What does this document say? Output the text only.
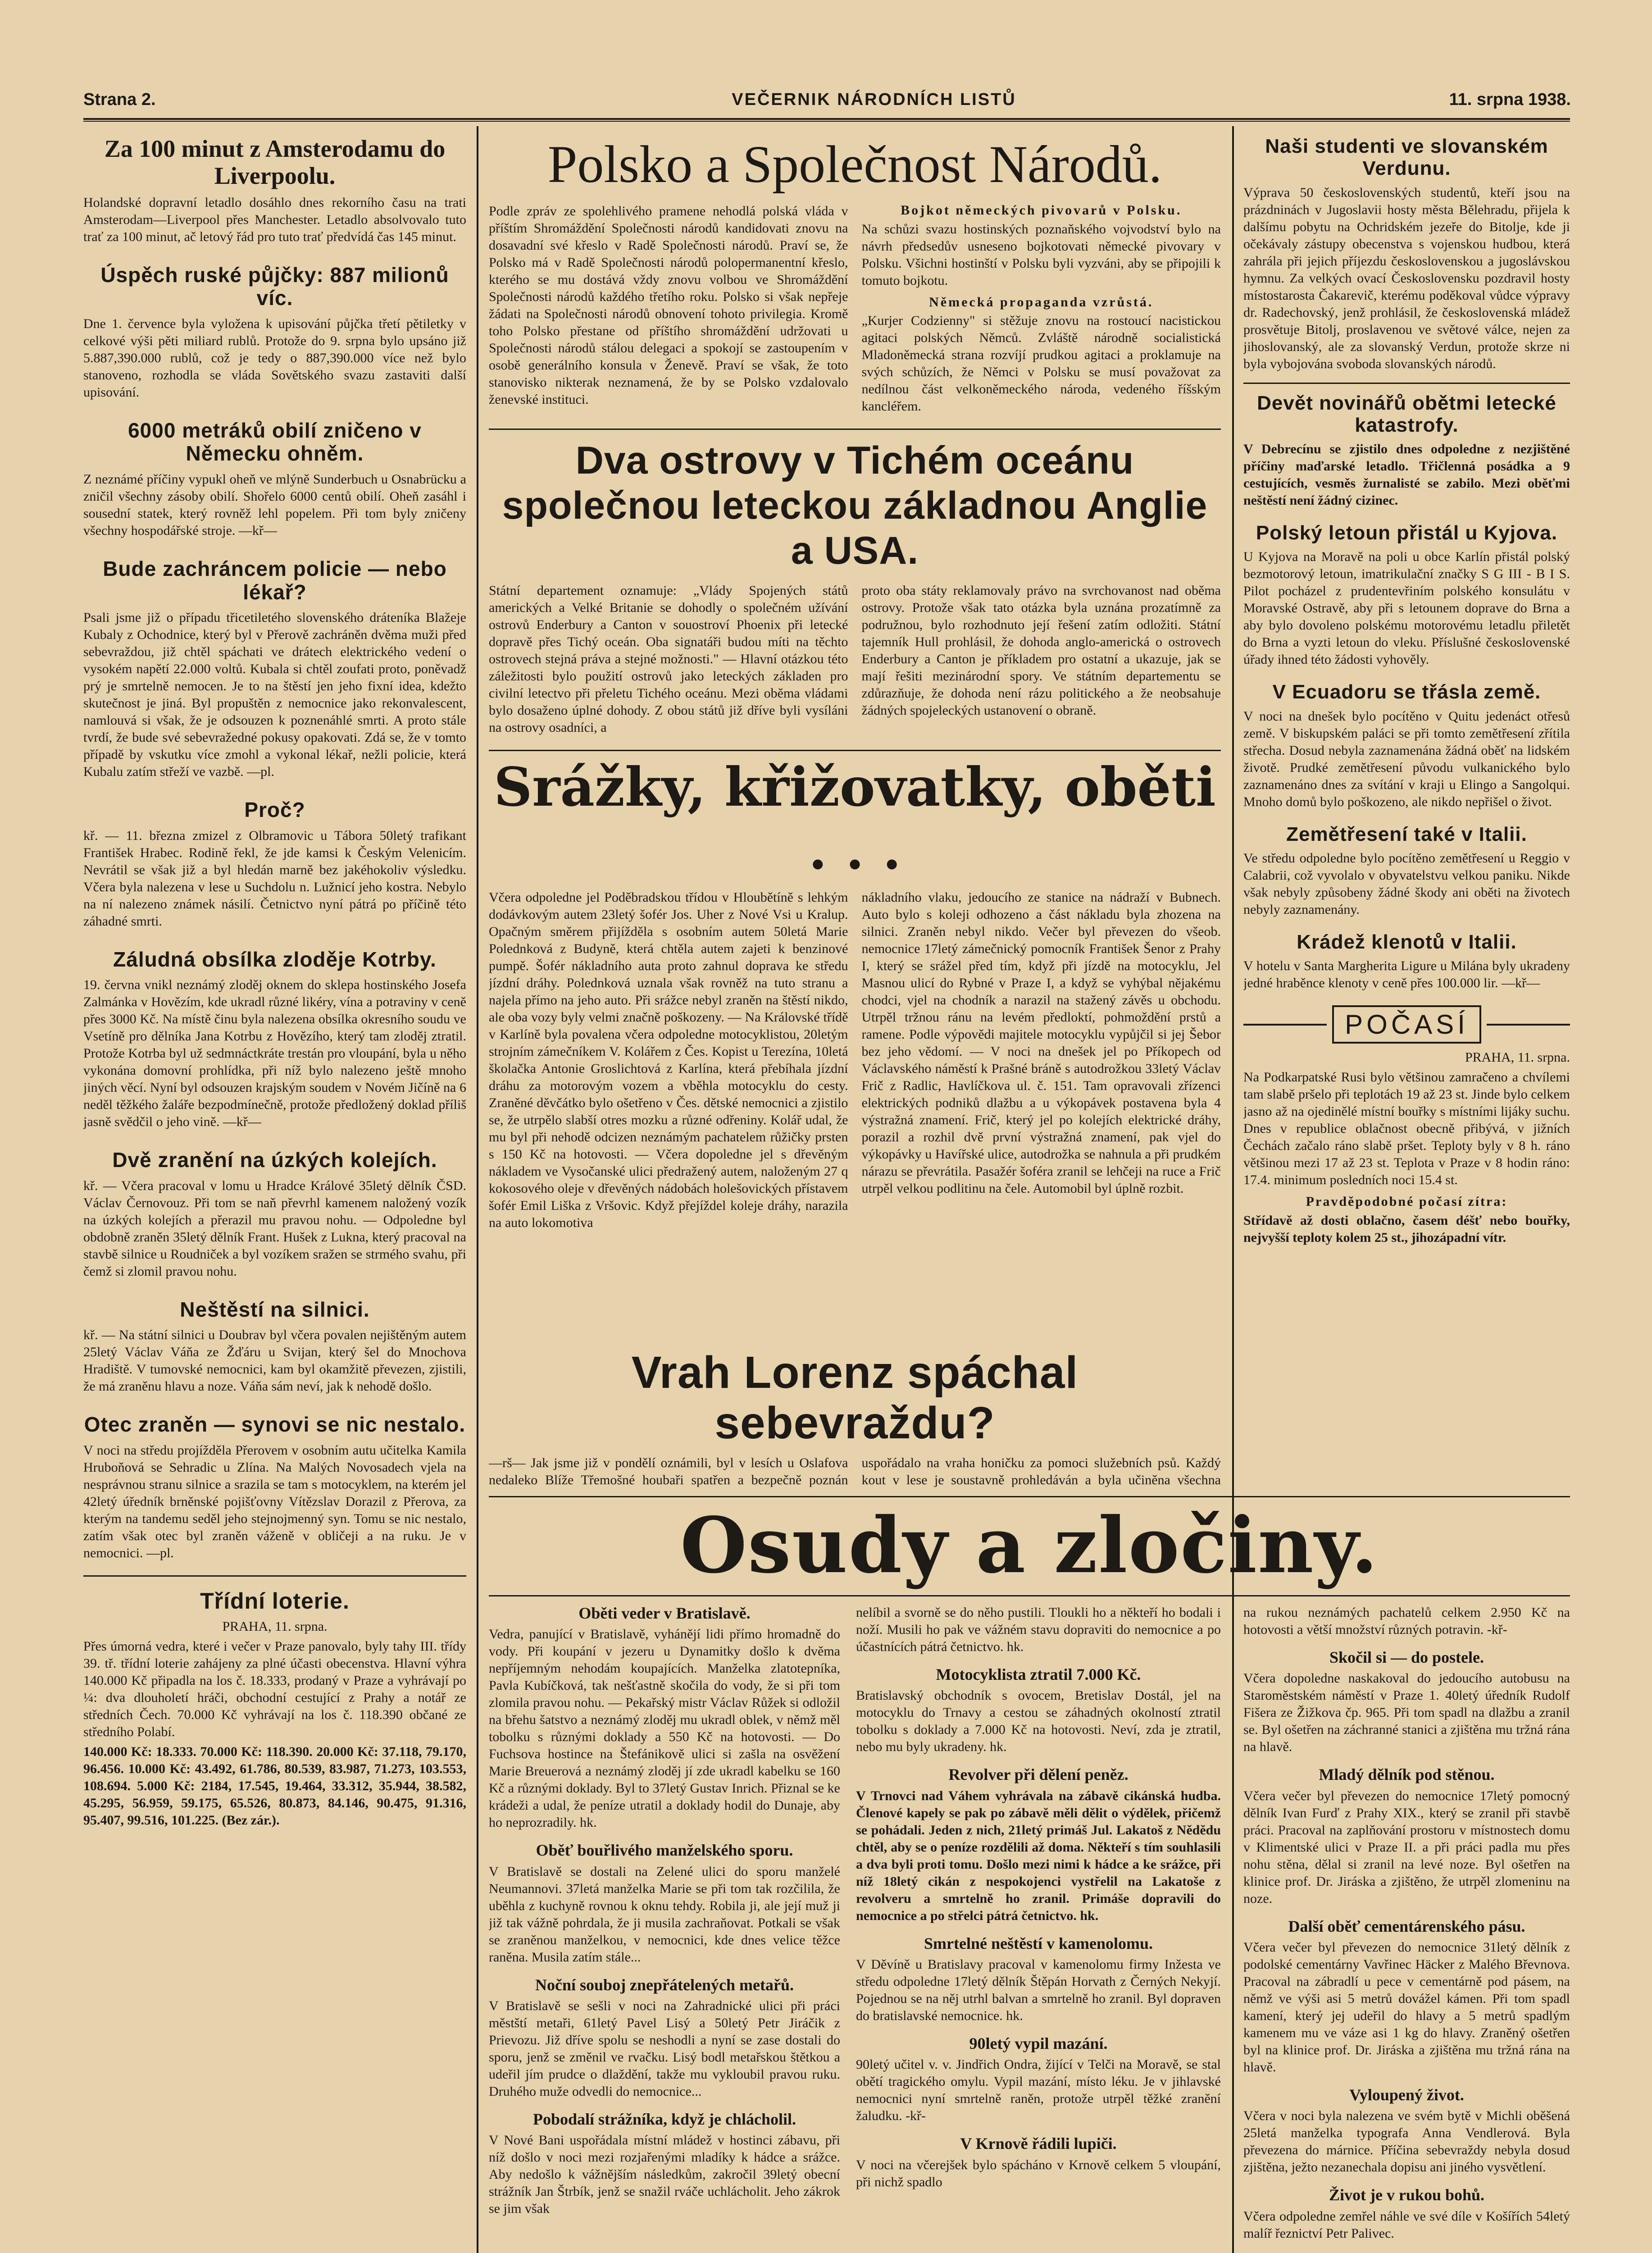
Strana 2.	VEČERNIK NÁRODNÍCH LISTŮ	11. srpna 1938.
Za 100 minut z Amsterodamu do Liverpoolu.

Holandské dopravní letadlo dosáhlo dnes rekorního času na trati Amsterodam—Liverpool přes Manchester. Letadlo absolvovalo tuto trať za 100 minut, ač letový řád pro tuto trať předvídá čas 145 minut.

Úspěch ruské půjčky: 887 milionů víc.

Dne 1. července byla vyložena k upisování půjčka třetí pětiletky v celkové výši pěti miliard rublů. Protože do 9. srpna bylo upsáno již 5.887,390.000 rublů, což je tedy o 887,390.000 více než bylo stanoveno, rozhodla se vláda Sovětského svazu zastaviti další upisování.

6000 metráků obilí zničeno v Německu ohněm.

Z neznámé příčiny vypukl oheň ve mlýně Sunderbuch u Osnabrücku a zničil všechny zásoby obilí. Shořelo 6000 centů obilí. Oheň zasáhl i sousední statek, který rovněž lehl popelem. Při tom byly zničeny všechny hospodářské stroje. —kř—

Bude zachráncem policie — nebo lékař?

Psali jsme již o případu třicetiletého slovenského dráteníka Blažeje Kubaly z Ochodnice, který byl v Přerově zachráněn dvěma muži před sebevraždou, již chtěl spáchati ve drátech elektrického vedení o vysokém napětí 22.000 voltů. Kubala si chtěl zoufati proto, poněvadž prý je smrtelně nemocen. Je to na štěstí jen jeho fixní idea, kdežto skutečnost je jiná. Byl propuštěn z nemocnice jako rekonvalescent, namlouvá si však, že je odsouzen k poznenáhlé smrti. A proto stále tvrdí, že bude své sebevražedné pokusy opakovati. Zdá se, že v tomto případě by vskutku více zmohl a vykonal lékař, nežli policie, která Kubalu zatím střeží ve vazbě. —pl.

Proč?

kř. — 11. března zmizel z Olbramovic u Tábora 50letý trafikant František Hrabec. Rodině řekl, že jde kamsi k Českým Velenicím. Nevrátil se však již a byl hledán marně bez jakéhokoliv výsledku. Včera byla nalezena v lese u Suchdolu n. Lužnicí jeho kostra. Nebylo na ní nalezeno známek násilí. Četnictvo nyní pátrá po příčině této záhadné smrti.

Záludná obsílka zloděje Kotrby.

19. června vnikl neznámý zloděj oknem do sklepa hostinského Josefa Zalmánka v Hovězím, kde ukradl různé likéry, vína a potraviny v ceně přes 3000 Kč. Na místě činu byla nalezena obsílka okresního soudu ve Vsetíně pro dělníka Jana Kotrbu z Hovězího, který tam zloděj ztratil. Protože Kotrba byl už sedmnáctkráte trestán pro vloupání, byla u něho vykonána domovní prohlídka, při níž bylo nalezeno ještě mnoho jiných věcí. Nyní byl odsouzen krajským soudem v Novém Jičíně na 6 neděl těžkého žaláře bezpodmínečně, protože předložený doklad příliš jasně svědčil o jeho vině. —kř—

Dvě zranění na úzkých kolejích.

kř. — Včera pracoval v lomu u Hradce Králové 35letý dělník ČSD. Václav Černovouz. Při tom se naň převrhl kamenem naložený vozík na úzkých kolejích a přerazil mu pravou nohu. — Odpoledne byl obdobně zraněn 35letý dělník Frant. Hušek z Lukna, který pracoval na stavbě silnice u Roudniček a byl vozíkem sražen se strmého svahu, při čemž si zlomil pravou nohu.

Neštěstí na silnici.

kř. — Na státní silnici u Doubrav byl včera povalen nejištěným autem 25letý Václav Váňa ze Žďáru u Svijan, který šel do Mnochova Hradiště. V tumovské nemocnici, kam byl okamžitě převezen, zjistili, že má zraněnu hlavu a noze. Váňa sám neví, jak k nehodě došlo.

Otec zraněn — synovi se nic nestalo.

V noci na středu projížděla Přerovem v osobním autu učitelka Kamila Hruboňová se Sehradic u Zlína. Na Malých Novosadech vjela na nesprávnou stranu silnice a srazila se tam s motocyklem, na kterém jel 42letý úředník brněnské pojišťovny Vítězslav Dorazil z Přerova, za kterým na tandemu seděl jeho stejnojmenný syn. Tomu se nic nestalo, zatím však otec byl zraněn váženě v obličeji a na ruku. Je v nemocnici. —pl.

Třídní loterie.

PRAHA, 11. srpna.

Přes úmorná vedra, které i večer v Praze panovalo, byly tahy III. třídy 39. tř. třídní loterie zahájeny za plné účasti obecenstva. Hlavní výhra 140.000 Kč připadla na los č. 18.333, prodaný v Praze a vyhrávají po ¼: dva dlouholetí hráči, obchodní cestující z Prahy a notář ze středních Čech. 70.000 Kč vyhrávají na los č. 118.390 občané ze středního Polabí.

140.000 Kč: 18.333. 70.000 Kč: 118.390. 20.000 Kč: 37.118, 79.170, 96.456. 10.000 Kč: 43.492, 61.786, 80.539, 83.987, 71.273, 103.553, 108.694. 5.000 Kč: 2184, 17.545, 19.464, 33.312, 35.944, 38.582, 45.295, 56.959, 59.175, 65.526, 80.873, 84.146, 90.475, 91.316, 95.407, 99.516, 101.225. (Bez zár.).

Polsko a Společnost Národů.

Podle zpráv ze spolehlivého pramene nehodlá polská vláda v příštím Shromáždění Společnosti národů kandidovati znovu na dosavadní své křeslo v Radě Společnosti národů. Praví se, že Polsko má v Radě Společnosti národů polopermanentní křeslo, kterého se mu dostává vždy znovu volbou ve Shromáždění Společnosti národů každého třetího roku. Polsko si však nepřeje žádati na Společnosti národů obnovení tohoto privilegia. Kromě toho Polsko přestane od příštího shromáždění udržovati u Společnosti národů stálou delegaci a spokojí se zastoupením v osobě generálního konsula v Ženevě. Praví se však, že toto stanovisko nikterak neznamená, že by se Polsko vzdalovalo ženevské instituci.

Bojkot německých pivovarů v Polsku.

Na schůzi svazu hostinských poznaňského vojvodství bylo na návrh předsedův usneseno bojkotovati německé pivovary v Polsku. Všichni hostinští v Polsku byli vyzváni, aby se připojili k tomuto bojkotu.

Německá propaganda vzrůstá.

„Kurjer Codzienny" si stěžuje znovu na rostoucí nacistickou agitaci polských Němců. Zvláště národně socialistická Mladoněmecká strana rozvíjí prudkou agitaci a proklamuje na svých schůzích, že Němci v Polsku se musí považovat za nedílnou část velkoněmeckého národa, vedeného říšským kancléřem.

Dva ostrovy v Tichém oceánu společnou leteckou základnou Anglie a USA.

Státní departement oznamuje: „Vlády Spojených států amerických a Velké Britanie se dohodly o společném užívání ostrovů Enderbury a Canton v souostroví Phoenix při letecké dopravě přes Tichý oceán. Oba signatáři budou míti na těchto ostrovech stejná práva a stejné možnosti." — Hlavní otázkou této záležitosti bylo použití ostrovů jako leteckých základen pro civilní letectvo při přeletu Tichého oceánu. Mezi oběma vládami bylo dosaženo úplné dohody. Z obou států již dříve byli vysíláni na ostrovy osadníci, a

proto oba státy reklamovaly právo na svrchovanost nad oběma ostrovy. Protože však tato otázka byla uznána prozatímně za podružnou, bylo rozhodnuto její řešení zatím odložiti. Státní tajemník Hull prohlásil, že dohoda anglo-americká o ostrovech Enderbury a Canton je příkladem pro ostatní a ukazuje, jak se mají řešiti mezinárodní spory. Ve státním departementu se zdůrazňuje, že dohoda není rázu politického a že neobsahuje žádných spojeleckých ustanovení o obraně.

Srážky, křižovatky, oběti . . .

Včera odpoledne jel Poděbradskou třídou v Hloubětíně s lehkým dodávkovým autem 23letý šofér Jos. Uher z Nové Vsi u Kralup. Opačným směrem přijížděla s osobním autem 50letá Marie Polednková z Budyně, která chtěla autem zajeti k benzinové pumpě. Šofér nákladního auta proto zahnul doprava ke středu jízdní dráhy. Polednková uznala však rovněž na tuto stranu a najela přímo na jeho auto. Při srážce nebyl zraněn na štěstí nikdo, ale oba vozy byly velmi značně poškozeny. — Na Královské třídě v Karlíně byla povalena včera odpoledne motocyklistou, 20letým strojním zámečníkem V. Kolářem z Čes. Kopist u Terezína, 10letá školačka Antonie Groslichtová z Karlína, která přebíhala jízdní dráhu za motorovým vozem a vběhla motocyklu do cesty. Zraněné děvčátko bylo ošetřeno v Čes. dětské nemocnici a zjistilo se, že utrpělo slabší otres mozku a různé odřeniny. Kolář udal, že mu byl při nehodě odcizen neznámým pachatelem růžičky prsten s 150 Kč na hotovosti. — Včera dopoledne jel s dřevěným nákladem ve Vysočanské ulici předražený autem, naloženým 27 q kokosového oleje v dřevěných nádobách holešovických přístavem šofér Emil Liška z Vršovic. Když přejíždel koleje dráhy, narazila na auto lokomotiva

nákladního vlaku, jedoucího ze stanice na nádraží v Bubnech. Auto bylo s koleji odhozeno a část nákladu byla zhozena na silnici. Zraněn nebyl nikdo. Večer byl převezen do všeob. nemocnice 17letý zámečnický pomocník František Šenor z Prahy I, který se srážel před tím, když při jízdě na motocyklu, Jel Masnou ulicí do Rybné v Praze I, a když se vyhýbal nějakému chodci, vjel na chodník a narazil na stažený závěs u obchodu. Utrpěl tržnou ránu na levém předloktí, pohmoždění prstů a ramene. Podle výpovědi majitele motocyklu vypůjčil si jej Šebor bez jeho vědomí. — V noci na dnešek jel po Příkopech od Václavského náměstí k Prašné bráně s autodrožkou 33letý Václav Frič z Radlic, Havlíčkova ul. č. 151. Tam opravovali zřízenci elektrických podniků dlažbu a u výkopávek postavena byla 4 výstražná znamení. Frič, který jel po kolejích elektrické dráhy, porazil a rozhil dvě první výstražná znamení, pak vjel do výkopávky u Havířské ulice, autodrožka se nahnula a při prudkém nárazu se převrátila. Pasažér šoféra zranil se lehčeji na ruce a Frič utrpěl velkou podlitinu na čele. Automobil byl úplně rozbit.

Vrah Lorenz spáchal sebevraždu?

—rš— Jak jsme již v pondělí oznámili, byl v lesích u Oslafova nedaleko Blíže Třemošné houbaři spatřen a bezpečně poznán

uspořádalo na vraha honičku za pomoci služebních psů. Každý kout v lese je soustavně prohledáván a byla učiněna všechna

Osudy a zločiny.
Oběti veder v Bratislavě.

Vedra, panující v Bratislavě, vyhánějí lidi přímo hromadně do vody. Při koupání v jezeru u Dynamitky došlo k dvěma nepříjemným nehodám koupajících. Manželka zlatotepníka, Pavla Kubíčková, tak nešťastně skočila do vody, že si při tom zlomila pravou nohu. — Pekařský mistr Václav Růžek si odložil na břehu šatstvo a neznámý zloděj mu ukradl oblek, v němž měl tobolku s různými doklady a 550 Kč na hotovosti. — Do Fuchsova hostince na Štefánikově ulici si zašla na osvěžení Marie Breuerová a neznámý zloděj jí zde ukradl kabelku se 160 Kč a různými doklady. Byl to 37letý Gustav Inrich. Přiznal se ke krádeži a udal, že peníze utratil a doklady hodil do Dunaje, aby ho neprozradily. hk.

Oběť bouřlivého manželského sporu.

V Bratislavě se dostali na Zelené ulici do sporu manželé Neumannovi. 37letá manželka Marie se při tom tak rozčilila, že uběhla z kuchyně rovnou k oknu tehdy. Robila ji, ale její muž ji již tak vážně pohrdala, že ji musila zachraňovat. Potkali se však se zraněnou manželkou, v nemocnici, kde dnes velice těžce raněna. Musila zatím stále...

Noční souboj znepřátelených metařů.

V Bratislavě se sešli v noci na Zahradnické ulici při práci městští metaři, 61letý Pavel Lisý a 50letý Petr Jiráčik z Prievozu. Již dříve spolu se neshodli a nyní se zase dostali do sporu, jenž se změnil ve rvačku. Lisý bodl metařskou štětkou a udeřil jím prudce o dlaždění, takže mu vykloubil pravou ruku. Druhého muže odvedli do nemocnice...

Pobodalí strážníka, když je chlácholil.

V Nové Bani uspořádala místní mládež v hostinci zábavu, při níž došlo v noci mezi rozjařenými mladíky k hádce a srážce. Aby nedošlo k vážnějším následkům, zakročil 39letý obecní strážník Jan Štrbík, jenž se snažil rváče uchlácholit. Jeho zákrok se jim však

nelíbil a svorně se do něho pustili. Tloukli ho a někteří ho bodali i noží. Musili ho pak ve vážném stavu dopraviti do nemocnice a po účastnících pátrá četnictvo. hk.

Motocyklista ztratil 7.000 Kč.

Bratislavský obchodník s ovocem, Bretislav Dostál, jel na motocyklu do Trnavy a cestou se záhadných okolností ztratil tobolku s doklady a 7.000 Kč na hotovosti. Neví, zda je ztratil, nebo mu byly ukradeny. hk.

Revolver při dělení peněz.

V Trnovci nad Váhem vyhrávala na zábavě cikánská hudba. Členové kapely se pak po zábavě měli dělit o výdělek, přičemž se pohádali. Jeden z nich, 21letý primáš Jul. Lakatoš z Nědědu chtěl, aby se o peníze rozdělili až doma. Někteří s tím souhlasili a dva byli proti tomu. Došlo mezi nimi k hádce a ke srážce, při níž 18letý cikán z nespokojenci vystřelil na Lakatoše z revolveru a smrtelně ho zranil. Primáše dopravili do nemocnice a po střelci pátrá četnictvo. hk.

Smrtelné neštěstí v kamenolomu.

V Děvíně u Bratislavy pracoval v kamenolomu firmy Inžesta ve středu odpoledne 17letý dělník Štěpán Horvath z Černých Nekyjí. Pojednou se na něj utrhl balvan a smrtelně ho zranil. Byl dopraven do bratislavské nemocnice. hk.

90letý vypil mazání.

90letý učitel v. v. Jindřich Ondra, žijící v Telči na Moravě, se stal obětí tragického omylu. Vypil mazání, místo léku. Je v jihlavské nemocnici nyní smrtelně raněn, protože utrpěl těžké zranění žaludku. -kř-

V Krnově řádili lupiči.

V noci na včerejšek bylo spácháno v Krnově celkem 5 vloupání, při nichž spadlo

Naši studenti ve slovanském Verdunu.

Výprava 50 československých studentů, kteří jsou na prázdninách v Jugoslavii hosty města Bělehradu, přijela k dalšímu pobytu na Ochridském jezeře do Bitolje, kde ji očekávaly zástupy obecenstva s vojenskou hudbou, která zahrála při jejich příjezdu československou a jugoslávskou hymnu. Za velkých ovací Československu pozdravil hosty místostarosta Čakarevič, kterému poděkoval vůdce výpravy dr. Radechovský, jenž prohlásil, že československá mládež prosvětuje Bitolj, proslavenou ve světové válce, nejen za jihoslovanský, ale za slovanský Verdun, protože skrze ni byla vybojována svoboda slovanských národů.

Devět novinářů obětmi letecké katastrofy.

V Debrecínu se zjistilo dnes odpoledne z nezjištěné příčiny maďarské letadlo. Třičlenná posádka a 9 cestujících, vesměs žurnalisté se zabilo. Mezi oběťmi neštěstí není žádný cizinec.

Polský letoun přistál u Kyjova.

U Kyjova na Moravě na poli u obce Karlín přistál polský bezmotorový letoun, imatrikulační značky S G III - B I S. Pilot pocházel z prudentevřiním polského konsulátu v Moravské Ostravě, aby při s letounem doprave do Brna a aby bylo dovoleno polskému motorovému letadlu přiletět do Brna a vyzti letoun do vleku. Příslušné československé úřady ihned této žádosti vyhověly.

V Ecuadoru se třásla země.

V noci na dnešek bylo pocítěno v Quitu jedenáct otřesů země. V biskupském paláci se při tomto zemětřesení zřítila střecha. Dosud nebyla zaznamenána žádná oběť na lidském životě. Prudké zemětřesení původu vulkanického bylo zaznamenáno dnes za svítání v kraji u Elingo a Sangolqui. Mnoho domů bylo poškozeno, ale nikdo nepřišel o život.

Zemětřesení také v Italii.

Ve středu odpoledne bylo pocítěno zemětřesení u Reggio v Calabrii, což vyvolalo v obyvatelstvu velkou paniku. Nikde však nebyly způsobeny žádné škody ani oběti na životech nebyly zaznamenány.

Krádež klenotů v Italii.

V hotelu v Santa Margherita Ligure u Milána byly ukradeny jedné hraběnce klenoty v ceně přes 100.000 lir. —kř—

POČASÍ

PRAHA, 11. srpna.

Na Podkarpatské Rusi bylo většinou zamračeno a chvílemi tam slabě pršelo při teplotách 19 až 23 st. Jinde bylo celkem jasno až na ojedinělé místní bouřky s místními lijáky suchu. Dnes v republice oblačnost obecně přibývá, v jižních Čechách začalo ráno slabě pršet. Teploty byly v 8 h. ráno většinou mezi 17 až 23 st. Teplota v Praze v 8 hodin ráno: 17.4. minimum posledních noci 15.4 st.

Pravděpodobné počasí zítra:

Střídavě až dosti oblačno, časem déšť nebo bouřky, nejvyšší teploty kolem 25 st., jihozápadní vítr.

na rukou neznámých pachatelů celkem 2.950 Kč na hotovosti a větší množství různých potravin. -kř-

Skočil si — do postele.

Včera dopoledne naskakoval do jedoucího autobusu na Staroměstském náměstí v Praze 1. 40letý úředník Rudolf Fišera ze Žižkova čp. 965. Při tom spadl na dlažbu a zranil se. Byl ošetřen na záchranné stanici a zjištěna mu tržná rána na hlavě.

Mladý dělník pod stěnou.

Včera večer byl převezen do nemocnice 17letý pomocný dělník Ivan Furď z Prahy XIX., který se zranil při stavbě práci. Pracoval na zaplňování prostoru v místnostech domu v Klimentské ulici v Praze II. a při práci padla mu přes nohu stěna, dělal si zranil na levé noze. Byl ošetřen na klinice prof. Dr. Jiráska a zjištěno, že utrpěl zlomeninu na noze.

Další oběť cementárenského pásu.

Včera večer byl převezen do nemocnice 31letý dělník z podolské cementárny Vavřinec Häcker z Malého Břevnova. Pracoval na zábradlí u pece v cementárně pod pásem, na němž ve výši asi 5 metrů dovážel kámen. Při tom spadl kamení, který jej udeřil do hlavy a 5 metrů spadlým kamenem mu ve váze asi 1 kg do hlavy. Zraněný ošetřen byl na klinice prof. Dr. Jiráska a zjištěna mu tržná rána na hlavě.

Vyloupený život.

Včera v noci byla nalezena ve svém bytě v Michli oběšená 25letá manželka typografa Anna Vendlerová. Byla převezena do márnice. Příčina sebevraždy nebyla dosud zjištěna, ježto nezanechala dopisu ani jiného vysvětlení.

Život je v rukou bohů.

Včera odpoledne zemřel náhle ve své díle v Košířích 54letý malíř řeznictví Petr Palivec.
